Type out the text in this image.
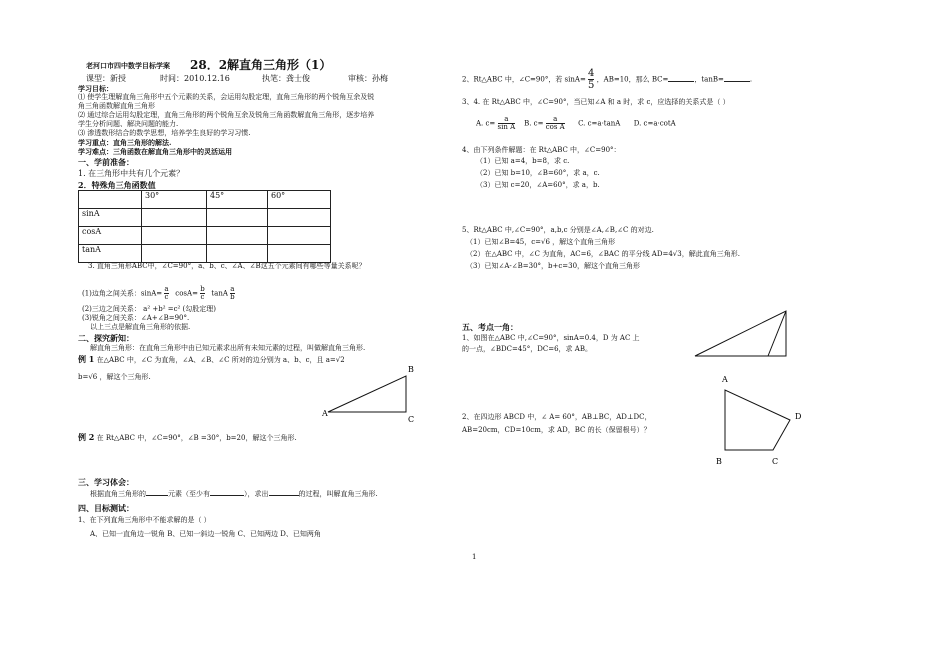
老河口市四中数学目标学案 28．2解直角三角形（1）
课型：新授	时间：2010.12.16	执笔：龚士俊	审核：孙梅
学习目标：
⑴ 使学生理解直角三角形中五个元素的关系，会运用勾股定理，直角三角形的两个锐角互余及锐
角三角函数解直角三角形
⑵ 通过综合运用勾股定理，直角三角形的两个锐角互余及锐角三角函数解直角三角形，逐步培养
学生分析问题、解决问题的能力.
⑶ 渗透数形结合的数学思想，培养学生良好的学习习惯.
学习重点：直角三角形的解法.
学习难点：三角函数在解直角三角形中的灵活运用
一、学前准备：
1. 在三角形中共有几个元素？
2．特殊角三角函数值
	30°	45°	60°
sinA			
cosA			
tanA			
3. 直角三角形ABC中，∠C=90°，a、b、c、∠A、∠B这五个元素间有哪些等量关系呢？
(1)边角之间关系：$\sin A= \frac{a}{c} \cos A= \frac{b}{c}$ tanA $\frac{a}{b}$
(2)三边之间关系： a² +b² =c² (勾股定理)
(3)锐角之间关系：∠A+∠B=90°.
以上三点是解直角三角形的依据.
二、探究新知：
解直角三角形：在直角三角形中由已知元素求出所有未知元素的过程，叫做解直角三角形.
例 1 在△ABC 中，∠C 为直角，∠A、∠B、∠C 所对的边分别为 a、b、c，且 a=√2
b=√6 ，解这个三角形.
B
A
C
例 2 在 Rt△ABC 中，∠C=90°，∠B =30°，b=20，解这个三角形.
三、学习体会：
根据直角三角形的	元素（至少有	），求出	的过程，叫解直角三角形.
四、目标测试：
1、在下列直角三角形中不能求解的是（ ）
A、已知一直角边一锐角 B、已知一斜边一锐角 C、已知两边 D、已知两角
2、Rt△ABC 中，∠C=90°，若 $\sin A= \frac{4}{5}$ ，AB=10，那么 BC=	，tanB=	.
3、4. 在 Rt△ABC 中，∠C=90°，当已知∠A 和 a 时，求 c，应选择的关系式是（ ）
A. $c= \frac{a}{\text{sin A}} B$. $c= \frac{a}{\text{cos A}} C$. c=a·tanA D. c=a·cotA
4、由下列条件解题：在 Rt△ABC 中，∠C=90°：
（1）已知 a=4，b=8，求 c.
（2）已知 b=10，∠B=60°，求 a，c.
（3）已知 c=20，∠A=60°，求 a，b.
5、Rt△ABC 中,∠C=90°，a,b,c 分别是∠A,∠B,∠C 的对边.
（1）已知∠B=45，c=√6 ，解这个直角三角形
（2）在△ABC 中，∠C 为直角，AC=6，∠BAC 的平分线 AD=4√3，解此直角三角形.
（3）已知∠A-∠B=30°，b+c=30，解这个直角三角形
五、考点一角：
1、如图在△ABC 中,∠C=90°，sinA=0.4，D 为 AC 上
的一点，∠BDC=45°，DC=6，求 AB。
2、在四边形 ABCD 中，∠ A= 60°，AB⊥BC，AD⊥DC，
AB=20cm，CD=10cm，求 AD，BC 的长（保留根号）？
A
B	C
D
1
